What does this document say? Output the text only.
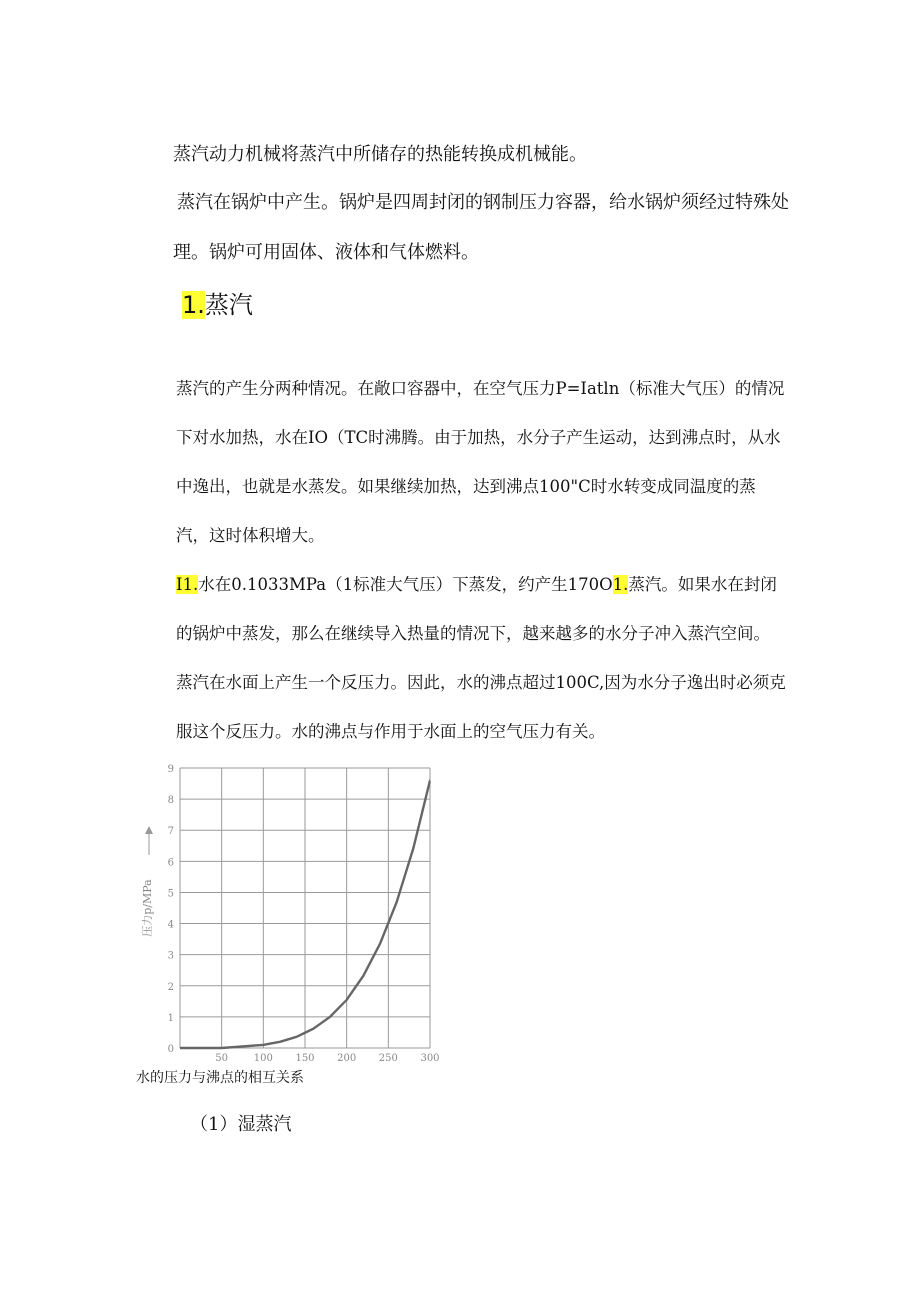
蒸汽动力机械将蒸汽中所储存的热能转换成机械能。

蒸汽在锅炉中产生。锅炉是四周封闭的钢制压力容器，给水锅炉须经过特殊处理。锅炉可用固体、液体和气体燃料。

1.蒸汽
蒸汽的产生分两种情况。在敞口容器中，在空气压力P=Iatln（标准大气压）的情况下对水加热，水在IO（TC时沸腾。由于加热，水分子产生运动，达到沸点时，从水中逸出，也就是水蒸发。如果继续加热，达到沸点100"C时水转变成同温度的蒸汽，这时体积增大。
I1.水在0.1033MPa（1标准大气压）下蒸发，约产生170O1.蒸汽。如果水在封闭的锅炉中蒸发，那么在继续导入热量的情况下，越来越多的水分子冲入蒸汽空间。蒸汽在水面上产生一个反压力。因此，水的沸点超过100C,因为水分子逸出时必须克服这个反压力。水的沸点与作用于水面上的空气压力有关。
0
1
2
3
4
5
6
7
8
9
50	100 150 200 250 300
压力p/MPa
水的压力与沸点的相互关系
（1）湿蒸汽
